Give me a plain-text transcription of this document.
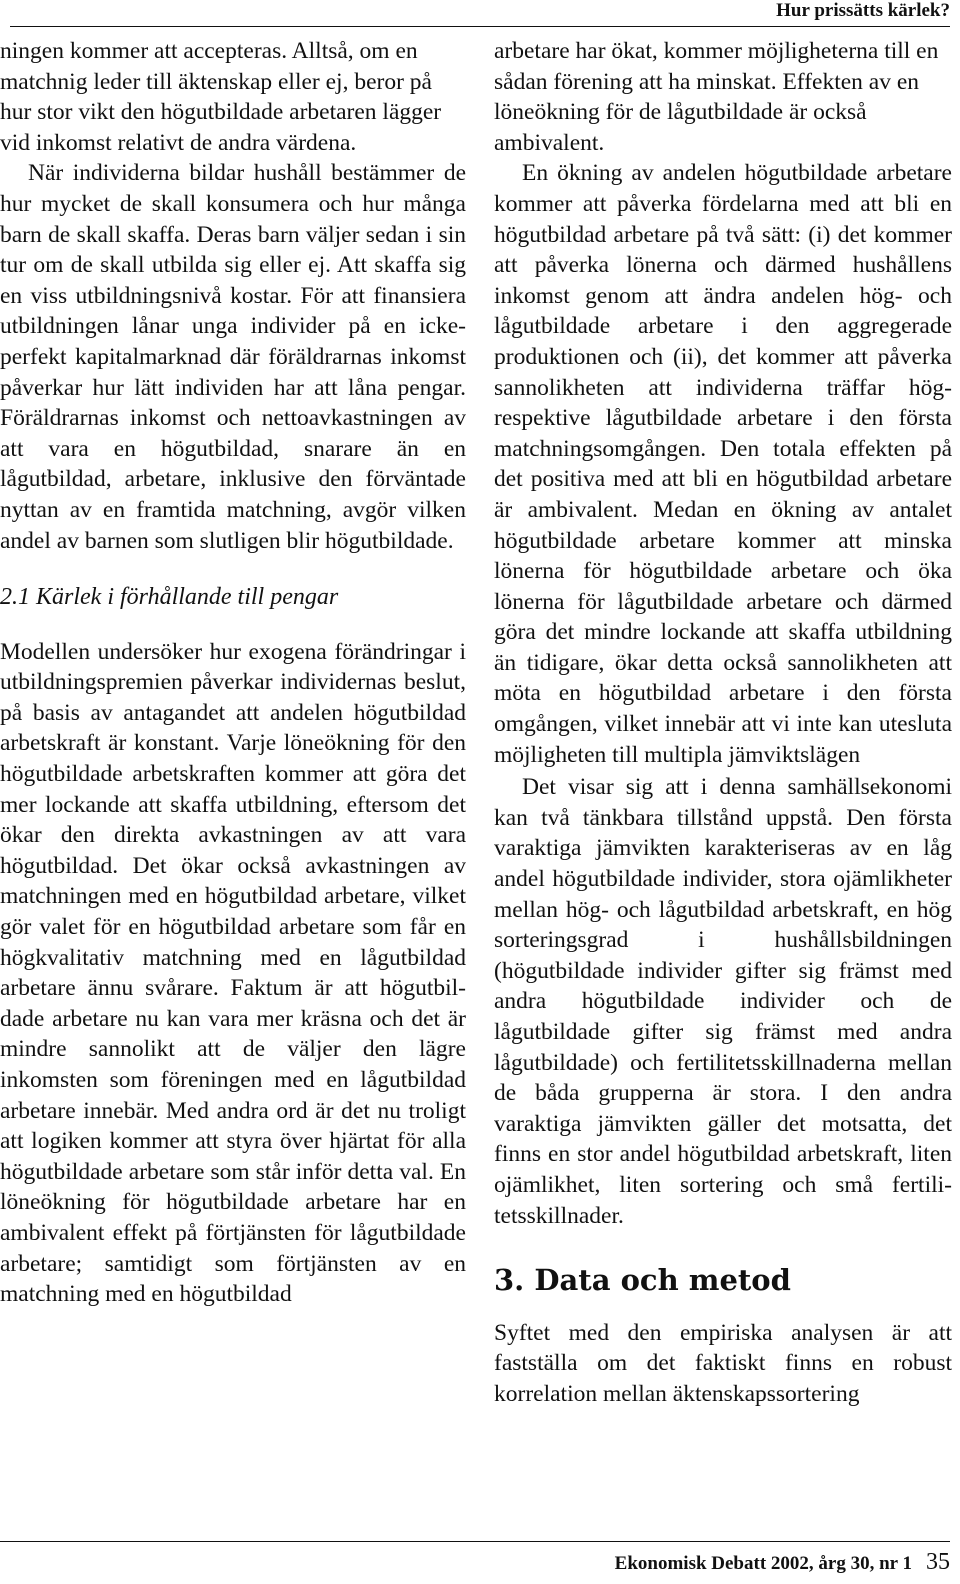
Hur prissätts kärlek?

ningen kommer att accepteras. Alltså, om en matchnig leder till äktenskap eller ej, beror på hur stor vikt den högutbildade arbetaren lägger vid inkomst relativt de andra värdena.

När individerna bildar hushåll bestämmer de hur mycket de skall konsumera och hur många barn de skall skaffa. Deras barn väljer sedan i sin tur om de skall utbilda sig eller ej. Att skaffa sig en viss utbildningsnivå kostar. För att finansiera utbildningen lånar unga individer på en icke-perfekt kapitalmarknad där föräldrarnas inkomst påverkar hur lätt individen har att låna pengar. Föräldrarnas inkomst och nettoavkastningen av att vara en högutbildad, snarare än en lågutbildad, arbetare, inklusive den förväntade nyttan av en framtida matchning, avgör vilken andel av barnen som slutligen blir högutbildade.

2.1 Kärlek i förhållande till pengar

Modellen undersöker hur exogena förändringar i utbildningspremien påverkar individernas beslut, på basis av antagandet att andelen högutbildad arbetskraft är konstant. Varje löneökning för den högutbildade arbetskraften kommer att göra det mer lockande att skaffa utbildning, eftersom det ökar den direkta avkastningen av att vara högutbildad. Det ökar också avkastningen av matchningen med en högutbildad arbetare, vilket gör valet för en högutbildad arbetare som får en högkvalitativ matchning med en lågutbildad arbetare ännu svårare. Faktum är att högutbildade arbetare nu kan vara mer kräsna och det är mindre sannolikt att de väljer den lägre inkomsten som föreningen med en lågutbildad arbetare innebär. Med andra ord är det nu troligt att logiken kommer att styra över hjärtat för alla högutbildade arbetare som står inför detta val. En löneökning för högutbildade arbetare har en ambivalent effekt på förtjänsten för lågutbildade arbetare; samtidigt som förtjänsten av en matchning med en högutbildad

arbetare har ökat, kommer möjligheterna till en sådan förening att ha minskat. Effekten av en löneökning för de lågutbildade är också ambivalent.

En ökning av andelen högutbildade arbetare kommer att påverka fördelarna med att bli en högutbildad arbetare på två sätt: (i) det kommer att påverka lönerna och därmed hushållens inkomst genom att ändra andelen hög- och lågutbildade arbetare i den aggregerade produktionen och (ii), det kommer att påverka sannolikheten att individerna träffar hög- respektive lågutbildade arbetare i den första matchningsomgången. Den totala effekten på det positiva med att bli en högutbildad arbetare är ambivalent. Medan en ökning av antalet högutbildade arbetare kommer att minska lönerna för högutbildade arbetare och öka lönerna för lågutbildade arbetare och därmed göra det mindre lockande att skaffa utbildning än tidigare, ökar detta också sannolikheten att möta en högutbildad arbetare i den första omgången, vilket innebär att vi inte kan utesluta möjligheten till multipla jämviktslägen

Det visar sig att i denna samhällsekonomi kan två tänkbara tillstånd uppstå. Den första varaktiga jämvikten karakteriseras av en låg andel högutbildade individer, stora ojämlikheter mellan hög- och lågutbildad arbetskraft, en hög sorteringsgrad i hushållsbildningen (högutbildade individer gifter sig främst med andra högutbildade individer och de lågutbildade gifter sig främst med andra lågutbildade) och fertilitetsskillnaderna mellan de båda grupperna är stora. I den andra varaktiga jämvikten gäller det motsatta, det finns en stor andel högutbildad arbetskraft, liten ojämlikhet, liten sortering och små fertilitetsskillnader.

3. Data och metod

Syftet med den empiriska analysen är att fastställa om det faktiskt finns en robust korrelation mellan äktenskapssortering

Ekonomisk Debatt 2002, årg 30, nr 1 35
